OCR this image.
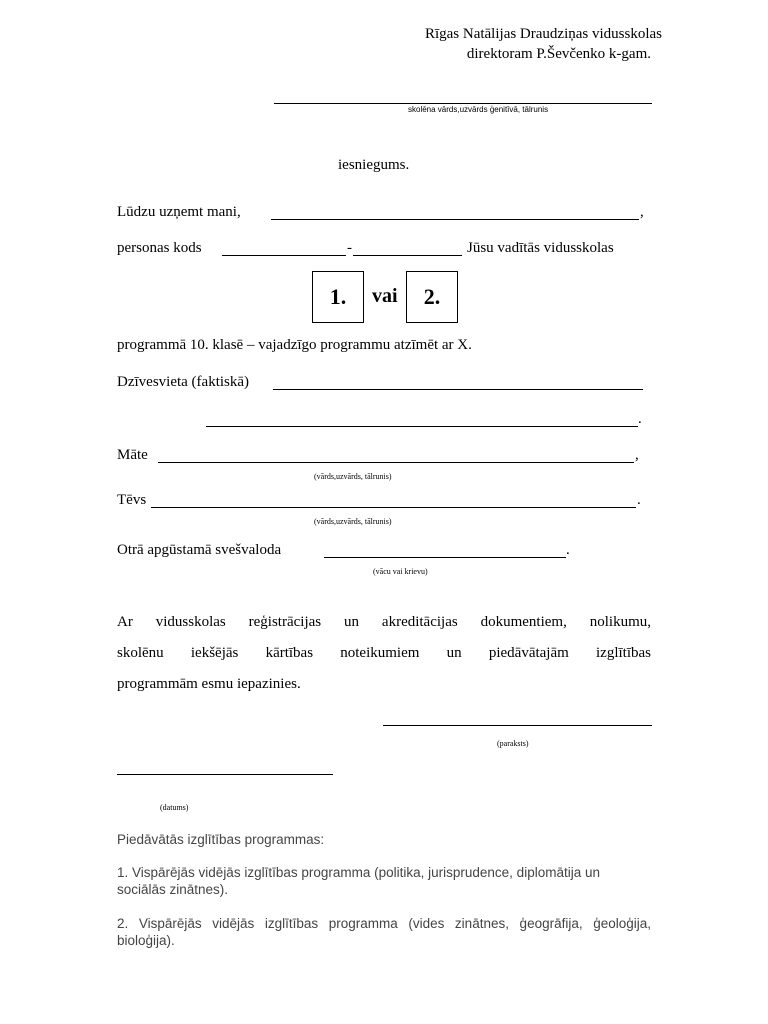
Rīgas Natālijas Draudziņas vidusskolas
direktoram P.Ševčenko k-gam.
skolēna vārds,uzvārds ģenitīvā, tālrunis
iesniegums.
Lūdzu uzņemt mani,	,
personas kods	-	Jūsu vadītās vidusskolas
1. vai 2.
programmā 10. klasē – vajadzīgo programmu atzīmēt ar X.
Dzīvesvieta (faktiskā)
.
Māte	,
(vārds,uzvārds, tālrunis)
Tēvs	.
(vārds,uzvārds, tālrunis)
Otrā apgūstamā svešvaloda	.
(vācu vai krievu)
Ar vidusskolas reģistrācijas un akreditācijas dokumentiem, nolikumu,
skolēnu iekšējās kārtības noteikumiem un piedāvātajām izglītības
programmām esmu iepazinies.
(paraksts)
(datums)
Piedāvātās izglītības programmas:
1. Vispārējās vidējās izglītības programma (politika, jurisprudence, diplomātija un
sociālās zinātnes).
2. Vispārējās vidējās izglītības programma (vides zinātnes, ģeogrāfija, ģeoloģija,
bioloģija).
